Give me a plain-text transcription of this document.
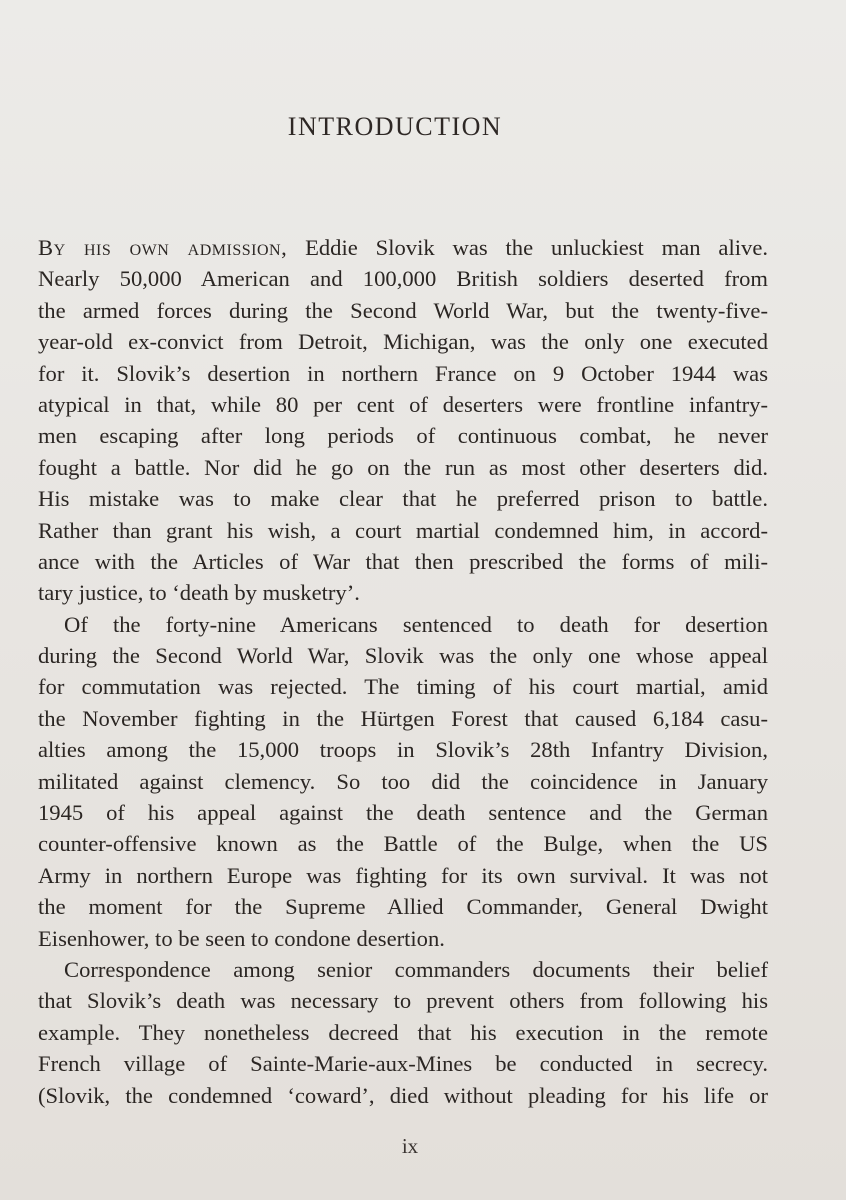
INTRODUCTION
By his own admission, Eddie Slovik was the unluckiest man alive.
Nearly 50,000 American and 100,000 British soldiers deserted from
the armed forces during the Second World War, but the twenty-five-
year-old ex-convict from Detroit, Michigan, was the only one executed
for it. Slovik’s desertion in northern France on 9 October 1944 was
atypical in that, while 80 per cent of deserters were frontline infantry-
men escaping after long periods of continuous combat, he never
fought a battle. Nor did he go on the run as most other deserters did.
His mistake was to make clear that he preferred prison to battle.
Rather than grant his wish, a court martial condemned him, in accord-
ance with the Articles of War that then prescribed the forms of mili-
tary justice, to ‘death by musketry’.
Of the forty-nine Americans sentenced to death for desertion
during the Second World War, Slovik was the only one whose appeal
for commutation was rejected. The timing of his court martial, amid
the November fighting in the Hürtgen Forest that caused 6,184 casu-
alties among the 15,000 troops in Slovik’s 28th Infantry Division,
militated against clemency. So too did the coincidence in January
1945 of his appeal against the death sentence and the German
counter-offensive known as the Battle of the Bulge, when the US
Army in northern Europe was fighting for its own survival. It was not
the moment for the Supreme Allied Commander, General Dwight
Eisenhower, to be seen to condone desertion.
Correspondence among senior commanders documents their belief
that Slovik’s death was necessary to prevent others from following his
example. They nonetheless decreed that his execution in the remote
French village of Sainte-Marie-aux-Mines be conducted in secrecy.
(Slovik, the condemned ‘coward’, died without pleading for his life or
ix
